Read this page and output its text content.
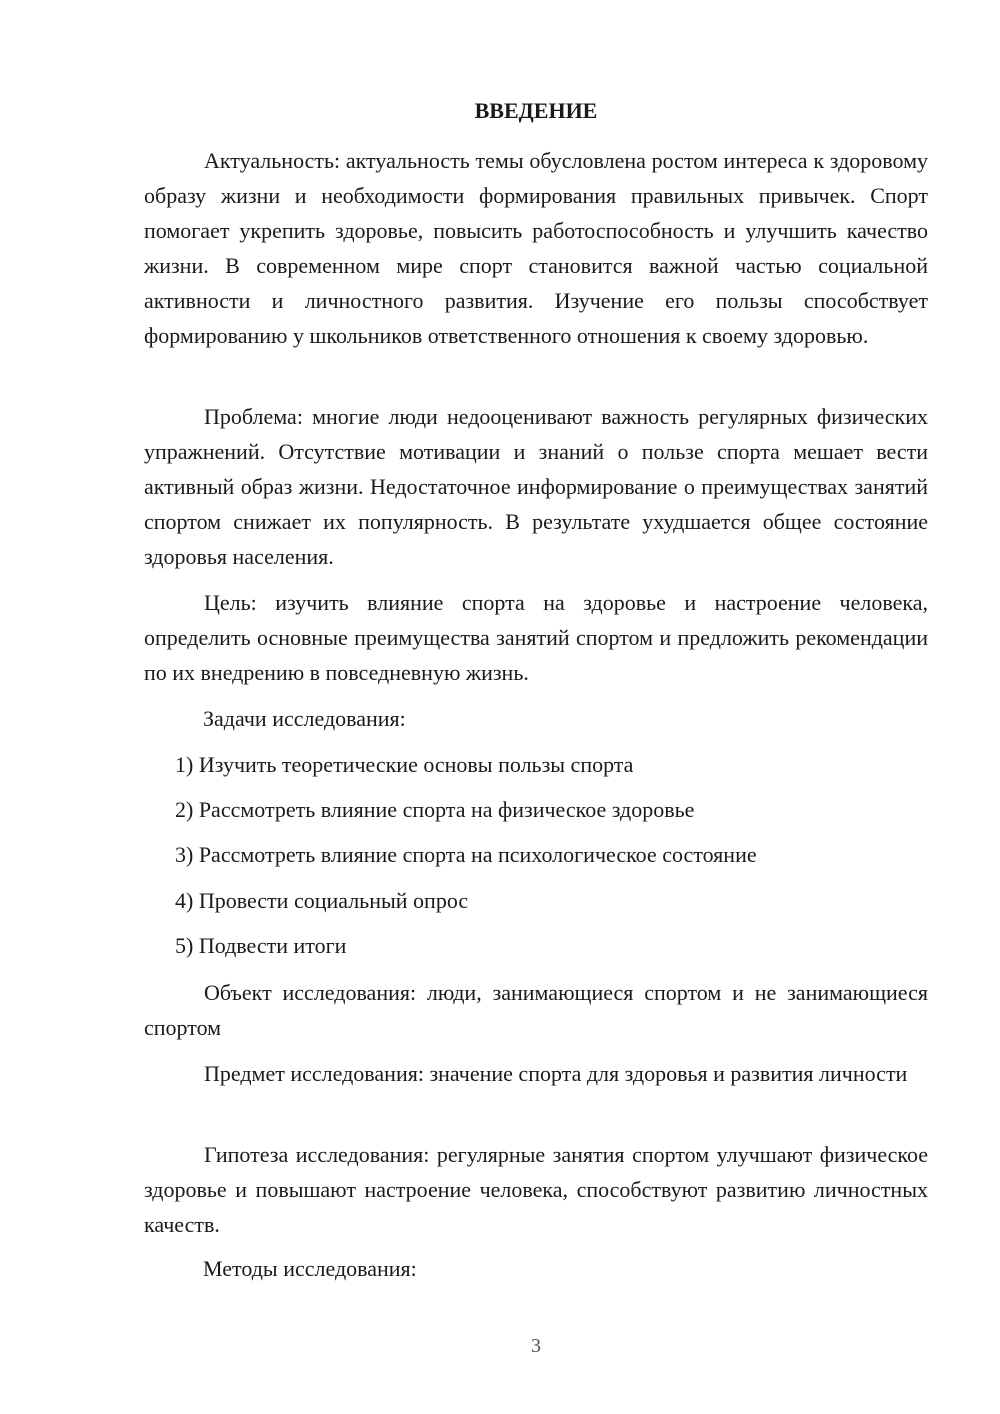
ВВЕДЕНИЕ

Актуальность: актуальность темы обусловлена ростом интереса к здоровому образу жизни и необходимости формирования правильных привычек. Спорт помогает укрепить здоровье, повысить работоспособность и улучшить качество жизни. В современном мире спорт становится важной частью социальной активности и личностного развития. Изучение его пользы способствует формированию у школьников ответственного отношения к своему здоровью.

Проблема: многие люди недооценивают важность регулярных физических упражнений. Отсутствие мотивации и знаний о пользе спорта мешает вести активный образ жизни. Недостаточное информирование о преимуществах занятий спортом снижает их популярность. В результате ухудшается общее состояние здоровья населения.

Цель: изучить влияние спорта на здоровье и настроение человека, определить основные преимущества занятий спортом и предложить рекомендации по их внедрению в повседневную жизнь.

Задачи исследования:

1) Изучить теоретические основы пользы спорта

2) Рассмотреть влияние спорта на физическое здоровье

3) Рассмотреть влияние спорта на психологическое состояние

4) Провести социальный опрос

5) Подвести итоги

Объект исследования: люди, занимающиеся спортом и не занимающиеся спортом

Предмет исследования: значение спорта для здоровья и развития личности

Гипотеза исследования: регулярные занятия спортом улучшают физическое здоровье и повышают настроение человека, способствуют развитию личностных качеств.

Методы исследования:

3
